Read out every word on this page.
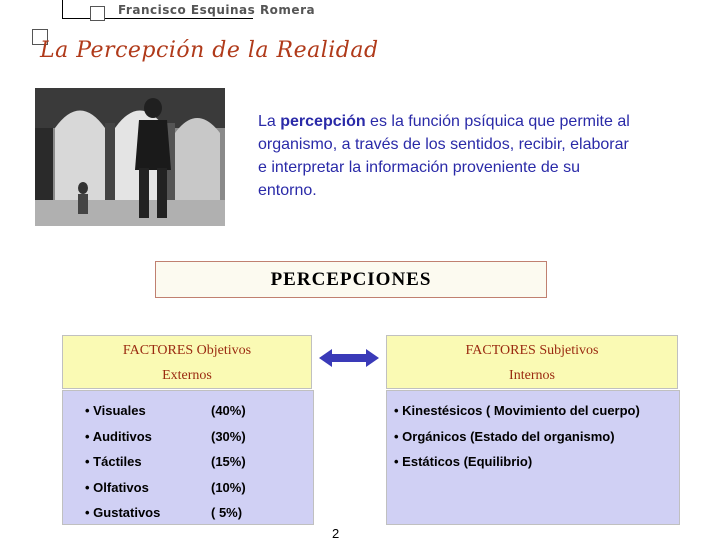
Francisco Esquinas Romera
La Percepción de la Realidad
La percepción es la función psíquica que permite al organismo, a través de los sentidos, recibir, elaborar e interpretar la información proveniente de su entorno.
PERCEPCIONES
FACTORES Objetivos
Externos
FACTORES Subjetivos
Internos
• Visuales	(40%)
• Auditivos	(30%)
• Táctiles	(15%)
• Olfativos	(10%)
• Gustativos	( 5%)
• Kinestésicos ( Movimiento del cuerpo)
• Orgánicos (Estado del organismo)
• Estáticos (Equilibrio)
2
